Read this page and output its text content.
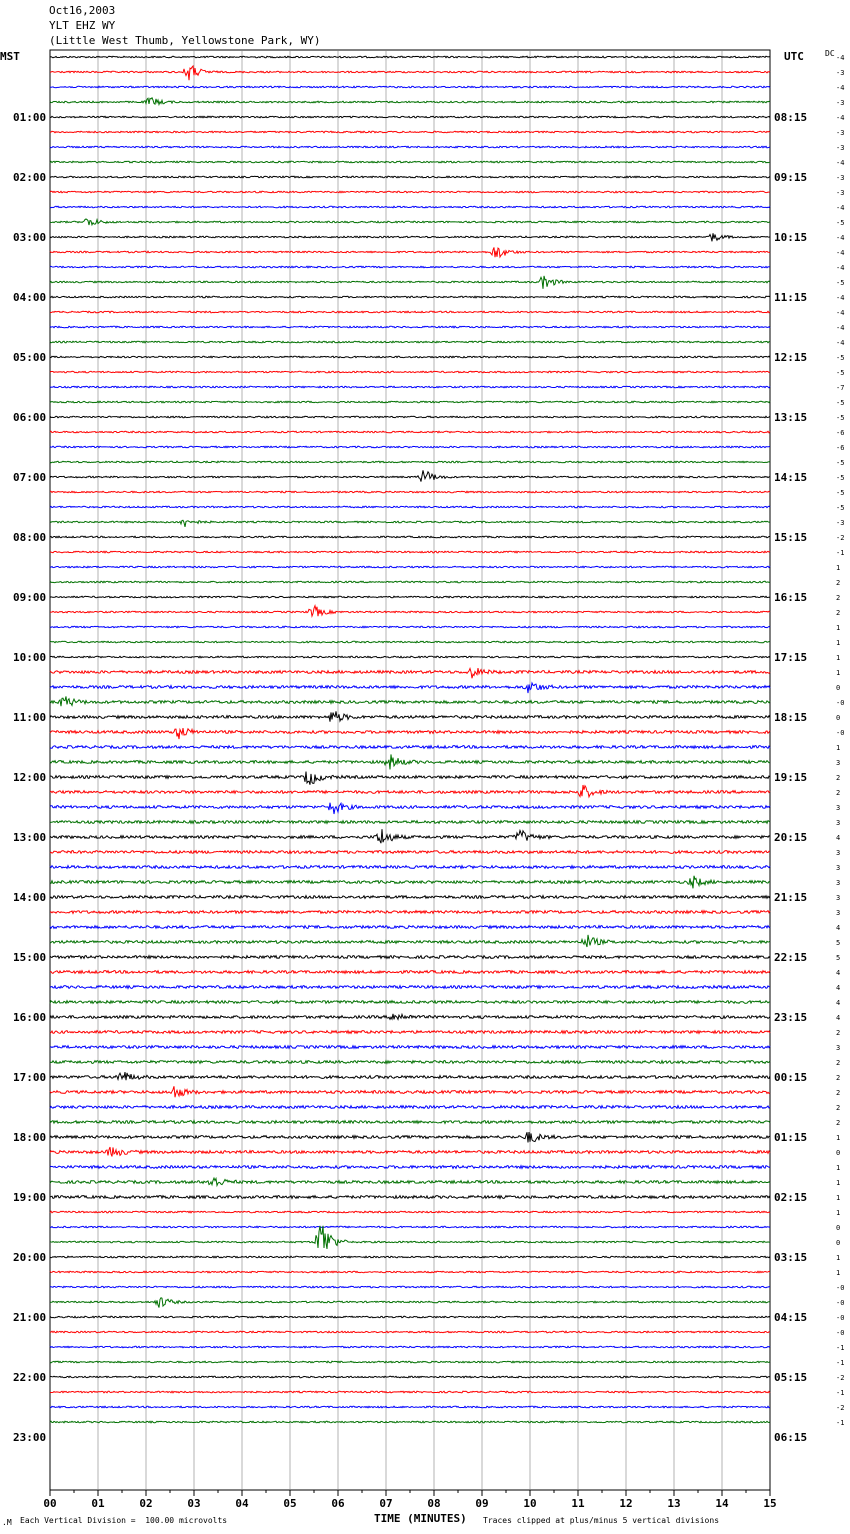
Oct16,2003
YLT EHZ WY
(Little West Thumb, Yellowstone Park, WY)
MST	UTC	DC -4
-3
-4
-3
-4
-3
-3
-4
-3
-3
-4
-5
-4
-4
-4
-5
-4
-4
-4
-4
-5
-5
-7
-5
-5
-6
-6
-5
-5
-5
-5
-3
-2
-1
1
2
2
2
1
1
1
1
0
-0
0
-0
1
3
2
2
3
3
4
3
3
3
3
3
4
5
5
4
4
4
4
2
3
2
2
2
2
2
1
0
1
1
1
1
0
0
1
1
-0
-0
-0
-0
-1
-1
-2
-1
-2
-1
01:00
02:00
03:00
04:00
05:00
06:00
07:00
08:00
09:00
10:00
11:00
12:00
13:00
14:00
15:00
16:00
17:00
18:00
19:00
20:00
21:00
22:00
23:00
08:15
09:15
10:15
11:15
12:15
13:15
14:15
15:15
16:15
17:15
18:15
19:15
20:15
21:15
22:15
23:15
00:15
01:15
02:15
03:15
04:15
05:15
06:15
00	01	02	03	04	05	06	07	08	09	10	11	12	13	14	15
TIME (MINUTES)
.M Each Vertical Division =  100.00 microvolts	Traces clipped at plus/minus 5 vertical divisions
